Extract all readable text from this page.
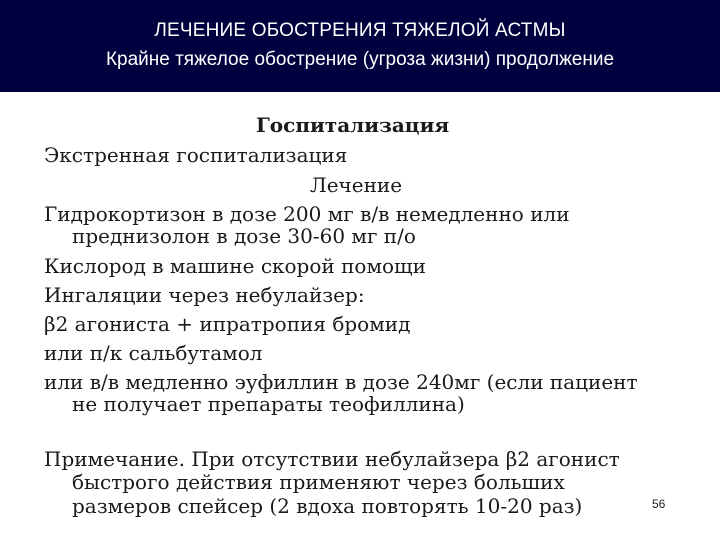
ЛЕЧЕНИЕ ОБОСТРЕНИЯ ТЯЖЕЛОЙ АСТМЫ
Крайне тяжелое обострение (угроза жизни) продолжение
Госпитализация
Экстренная госпитализация
Лечение
Гидрокортизон в дозе 200 мг в/в немедленно или
преднизолон в дозе 30-60 мг п/о
Кислород в машине скорой помощи
Ингаляции через небулайзер:
β2 агониста + ипратропия бромид
или п/к сальбутамол
или в/в медленно эуфиллин в дозе 240мг (если пациент
не получает препараты теофиллина)
Примечание. При отсутствии небулайзера β2 агонист
быстрого действия применяют через больших
размеров спейсер (2 вдоха повторять 10-20 раз)	56
